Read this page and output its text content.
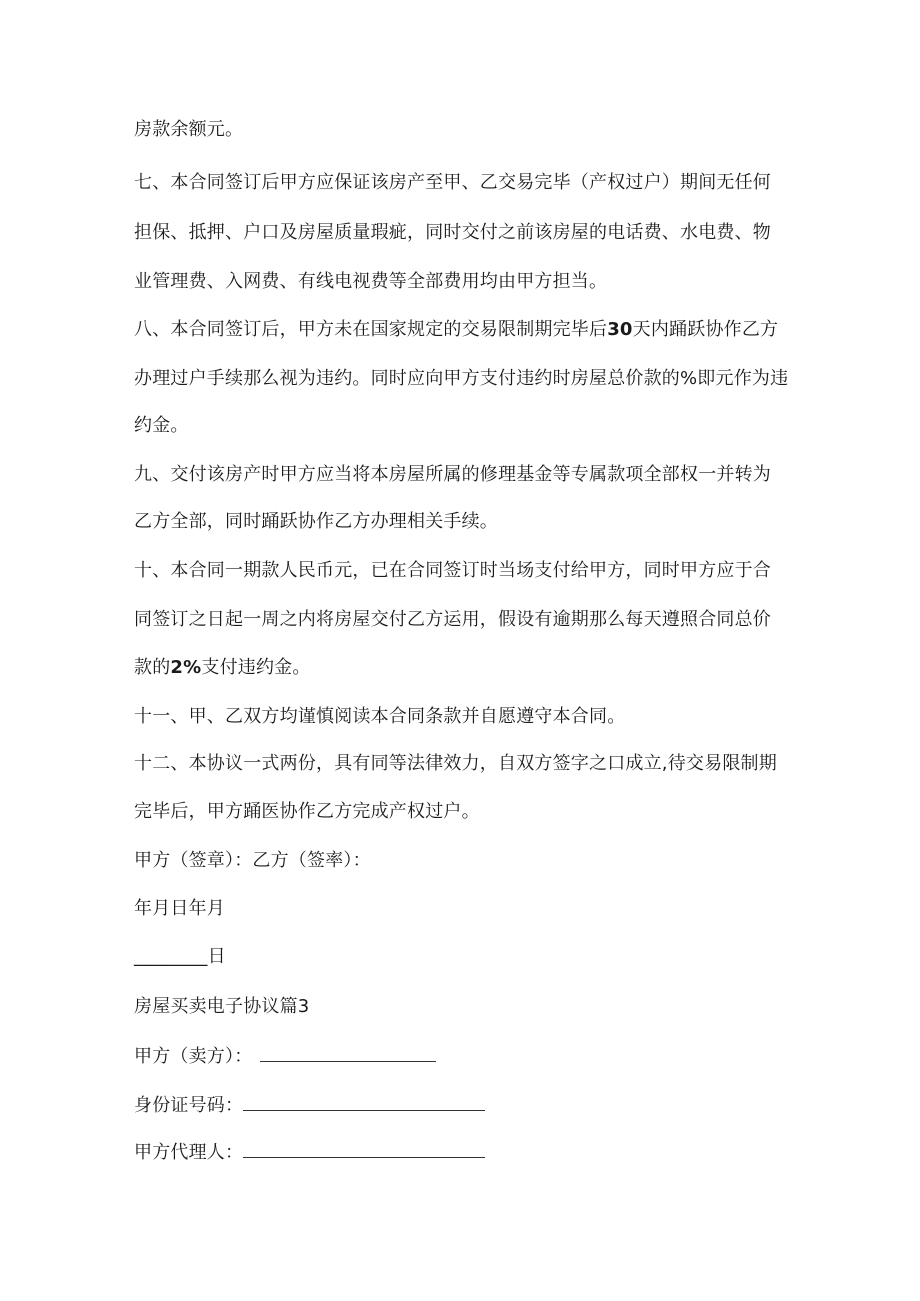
房款余额元。
七、本合同签订后甲方应保证该房产至甲、乙交易完毕（产权过户）期间无任何
担保、抵押、户口及房屋质量瑕疵，同时交付之前该房屋的电话费、水电费、物
业管理费、入网费、有线电视费等全部费用均由甲方担当。
八、本合同签订后，甲方未在国家规定的交易限制期完毕后30天内踊跃协作乙方
办理过户手续那么视为违约。同时应向甲方支付违约时房屋总价款的%即元作为违
约金。
九、交付该房产时甲方应当将本房屋所属的修理基金等专属款项全部权一并转为
乙方全部，同时踊跃协作乙方办理相关手续。
十、本合同一期款人民币元，已在合同签订时当场支付给甲方，同时甲方应于合
同签订之日起一周之内将房屋交付乙方运用，假设有逾期那么每天遵照合同总价
款的2%支付违约金。
十一、甲、乙双方均谨慎阅读本合同条款并自愿遵守本合同。
十二、本协议一式两份，具有同等法律效力，自双方签字之口成立,待交易限制期
完毕后，甲方踊医协作乙方完成产权过户。
甲方（签章）：乙方（签率）：
年月日年月
________日
房屋买卖电子协议篇3
甲方（卖方）：
身份证号码：
甲方代理人：
